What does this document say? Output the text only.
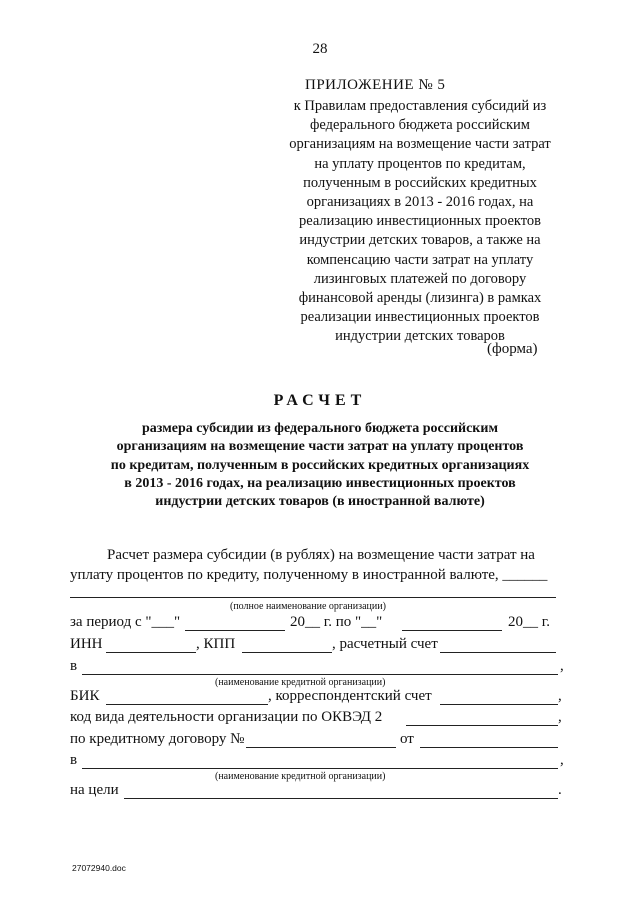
28
ПРИЛОЖЕНИЕ № 5
к Правилам предоставления субсидий из
федерального бюджета российским
организациям на возмещение части затрат
на уплату процентов по кредитам,
полученным в российских кредитных
организациях в 2013 - 2016 годах, на
реализацию инвестиционных проектов
индустрии детских товаров, а также на
компенсацию части затрат на уплату
лизинговых платежей по договору
финансовой аренды (лизинга) в рамках
реализации инвестиционных проектов
индустрии детских товаров
(форма)
РАСЧЕТ
размера субсидии из федерального бюджета российским
организациям на возмещение части затрат на уплату процентов
по кредитам, полученным в российских кредитных организациях
в 2013 - 2016 годах, на реализацию инвестиционных проектов
индустрии детских товаров (в иностранной валюте)
Расчет размера субсидии (в рублях) на возмещение части затрат на
уплату процентов по кредиту, полученному в иностранной валюте, ______
(полное наименование организации)
за период с "___"	20__ г. по "__"	20__ г.
ИНН	, КПП	, расчетный счет
в	,
(наименование кредитной организации)
БИК	, корреспондентский счет	,
код вида деятельности организации по ОКВЭД 2	,
по кредитному договору №	от
в	,
(наименование кредитной организации)
на цели	.
27072940.doc
